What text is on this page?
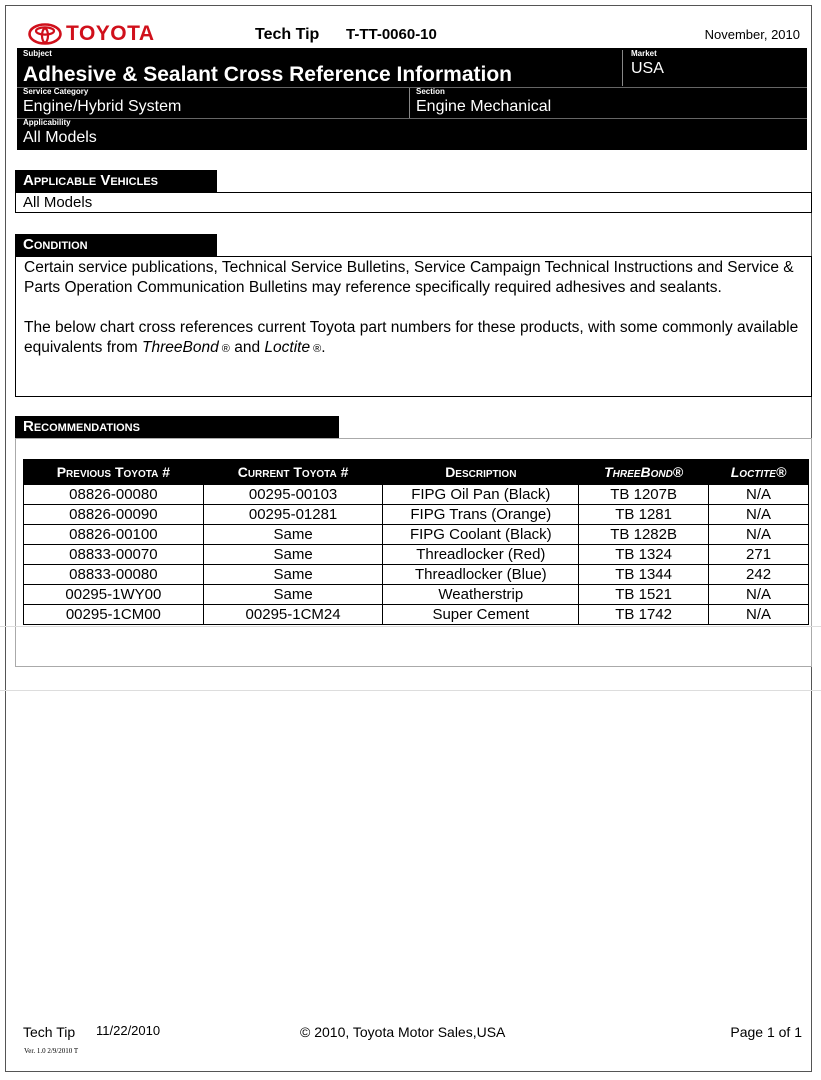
TOYOTA	Tech Tip T-TT-0060-10	November, 2010
Subject
Adhesive & Sealant Cross Reference Information
Market
USA
Service Category
Engine/Hybrid System
Section
Engine Mechanical
Applicability
All Models
Applicable Vehicles
All Models
Condition

Certain service publications, Technical Service Bulletins, Service Campaign Technical Instructions and Service & Parts Operation Communication Bulletins may reference specifically required adhesives and sealants.

The below chart cross references current Toyota part numbers for these products, with some commonly available equivalents from ThreeBond ® and Loctite ®.

Recommendations
Previous Toyota #	Current Toyota #	Description	ThreeBond®	Loctite®
08826-00080	00295-00103	FIPG Oil Pan (Black)	TB 1207B	N/A
08826-00090	00295-01281	FIPG Trans (Orange)	TB 1281	N/A
08826-00100	Same	FIPG Coolant (Black)	TB 1282B	N/A
08833-00070	Same	Threadlocker (Red)	TB 1324	271
08833-00080	Same	Threadlocker (Blue)	TB 1344	242
00295-1WY00	Same	Weatherstrip	TB 1521	N/A
00295-1CM00	00295-1CM24	Super Cement	TB 1742	N/A
Tech Tip 11/22/2010	© 2010, Toyota Motor Sales,USA	Page 1 of 1
Ver. 1.0 2/9/2010 T
